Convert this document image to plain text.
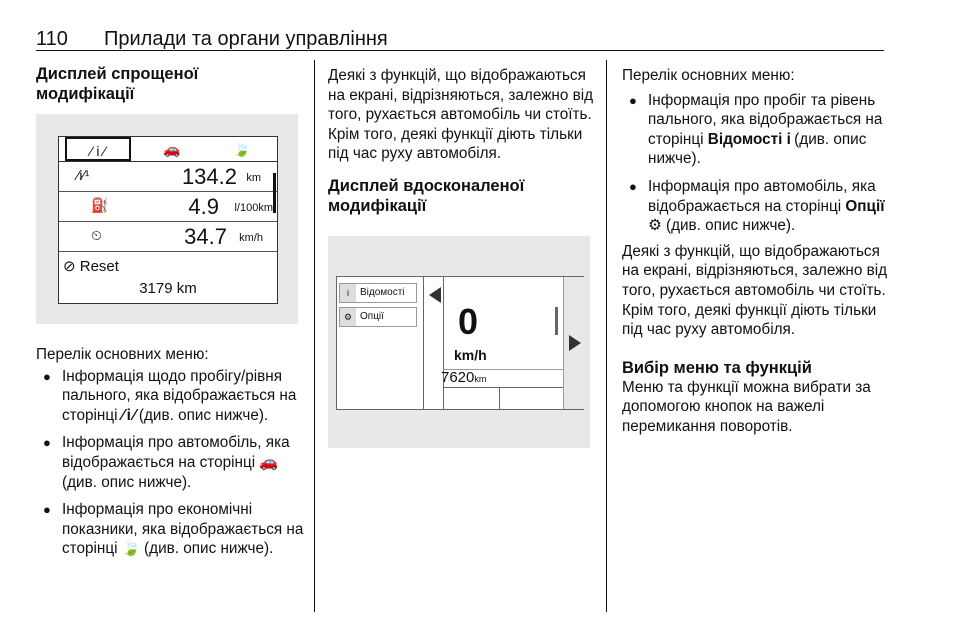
110 Прилади та органи управління

Дисплей спрощеної модифікації

⁄ i ⁄	🚗	🍃
⁄i⁄¹	134.2 km
⛽	4.9 l/100km
⏲	34.7 km/h
⊘ Reset
3179 km

Перелік основних меню:

● Інформація щодо пробігу/рівня пального, яка відображається на сторінці ⁄ i ⁄ (див. опис нижче).
● Інформація про автомобіль, яка відображається на сторінці 🚗 (див. опис нижче).
● Інформація про економічні показники, яка відображається на сторінці 🍃 (див. опис нижче).

Деякі з функцій, що відображаються на екрані, відрізняються, залежно від того, рухається автомобіль чи стоїть. Крім того, деякі функції діють тільки під час руху автомобіля.

Дисплей вдосконаленої модифікації

i Відомості
⚙ Опції	0
km/h
7620km

Перелік основних меню:

● Інформація про пробіг та рівень пального, яка відображається на сторінці Відомості i (див. опис нижче).
● Інформація про автомобіль, яка відображається на сторінці Опції ⚙ (див. опис нижче).

Деякі з функцій, що відображаються на екрані, відрізняються, залежно від того, рухається автомобіль чи стоїть. Крім того, деякі функції діють тільки під час руху автомобіля.

Вибір меню та функцій

Меню та функції можна вибрати за допомогою кнопок на важелі перемикання поворотів.
